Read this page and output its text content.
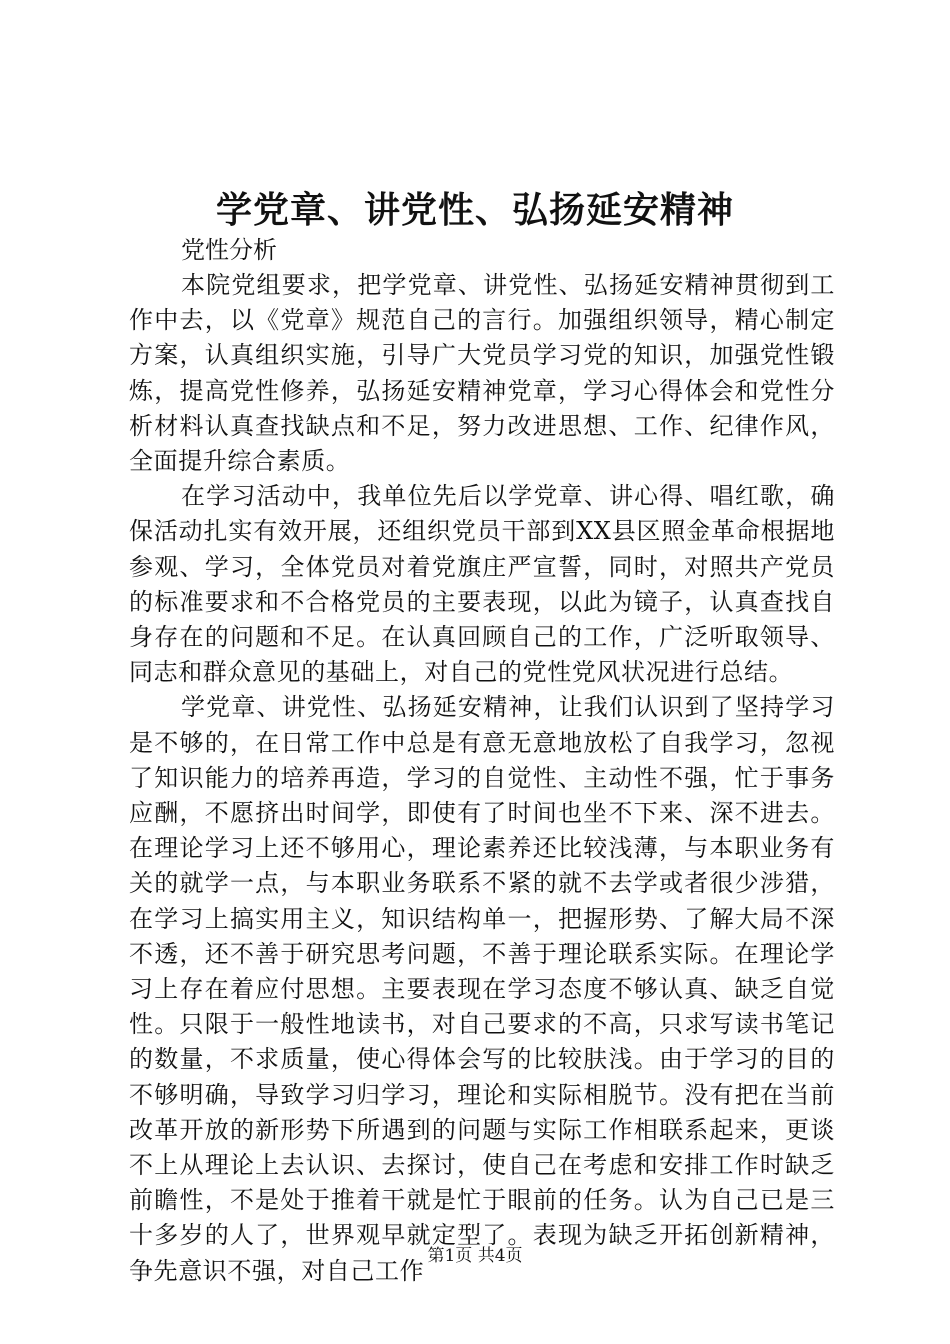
学党章、讲党性、弘扬延安精神

党性分析

本院党组要求，把学党章、讲党性、弘扬延安精神贯彻到工作中去，以《党章》规范自己的言行。加强组织领导，精心制定方案，认真组织实施，引导广大党员学习党的知识，加强党性锻炼，提高党性修养，弘扬延安精神党章，学习心得体会和党性分析材料认真查找缺点和不足，努力改进思想、工作、纪律作风，全面提升综合素质。

在学习活动中，我单位先后以学党章、讲心得、唱红歌，确保活动扎实有效开展，还组织党员干部到XX县区照金革命根据地参观、学习，全体党员对着党旗庄严宣誓，同时，对照共产党员的标准要求和不合格党员的主要表现，以此为镜子，认真查找自身存在的问题和不足。在认真回顾自己的工作，广泛听取领导、同志和群众意见的基础上，对自己的党性党风状况进行总结。

学党章、讲党性、弘扬延安精神，让我们认识到了坚持学习是不够的，在日常工作中总是有意无意地放松了自我学习，忽视了知识能力的培养再造，学习的自觉性、主动性不强，忙于事务应酬，不愿挤出时间学，即使有了时间也坐不下来、深不进去。在理论学习上还不够用心，理论素养还比较浅薄，与本职业务有关的就学一点，与本职业务联系不紧的就不去学或者很少涉猎，在学习上搞实用主义，知识结构单一，把握形势、了解大局不深不透，还不善于研究思考问题，不善于理论联系实际。在理论学习上存在着应付思想。主要表现在学习态度不够认真、缺乏自觉性。只限于一般性地读书，对自己要求的不高，只求写读书笔记的数量，不求质量，使心得体会写的比较肤浅。由于学习的目的不够明确，导致学习归学习，理论和实际相脱节。没有把在当前改革开放的新形势下所遇到的问题与实际工作相联系起来，更谈不上从理论上去认识、去探讨，使自己在考虑和安排工作时缺乏前瞻性，不是处于推着干就是忙于眼前的任务。认为自己已是三十多岁的人了，世界观早就定型了。表现为缺乏开拓创新精神，争先意识不强，对自己工作

第1页 共4页
